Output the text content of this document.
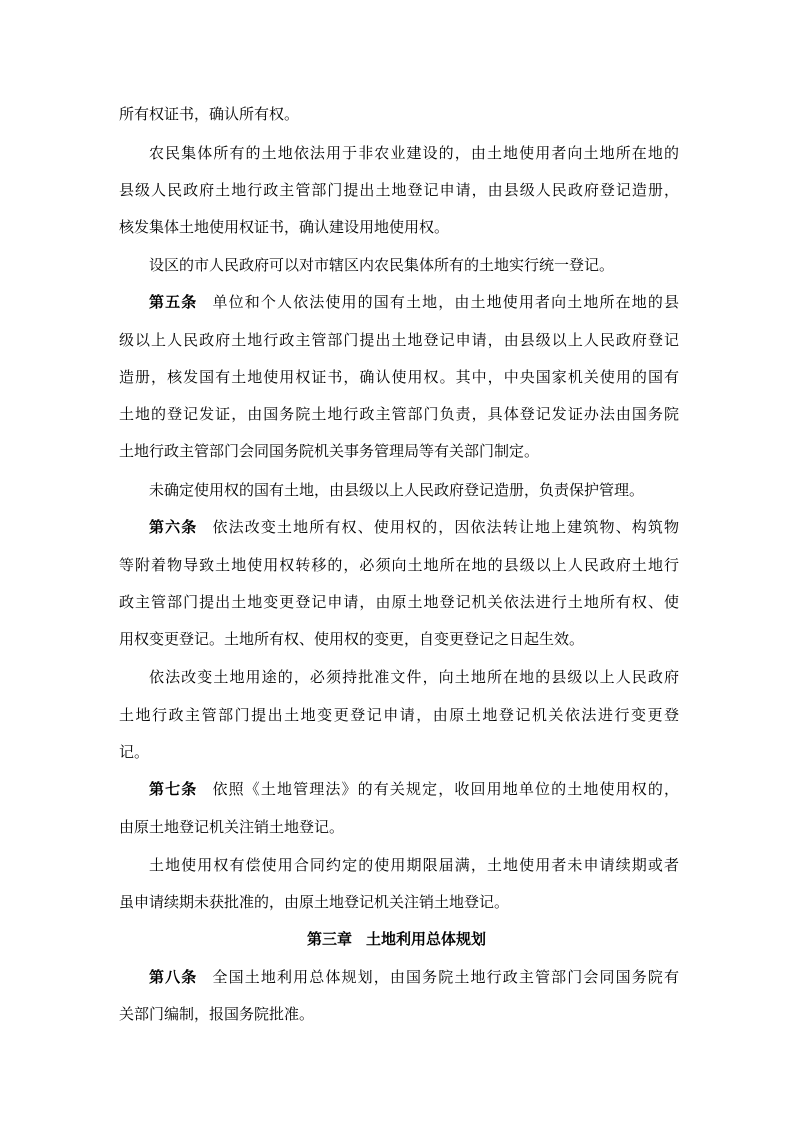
所有权证书，确认所有权。
农民集体所有的土地依法用于非农业建设的，由土地使用者向土地所在地的
县级人民政府土地行政主管部门提出土地登记申请，由县级人民政府登记造册，
核发集体土地使用权证书，确认建设用地使用权。
设区的市人民政府可以对市辖区内农民集体所有的土地实行统一登记。
第五条 单位和个人依法使用的国有土地，由土地使用者向土地所在地的县
级以上人民政府土地行政主管部门提出土地登记申请，由县级以上人民政府登记
造册，核发国有土地使用权证书，确认使用权。其中，中央国家机关使用的国有
土地的登记发证，由国务院土地行政主管部门负责，具体登记发证办法由国务院
土地行政主管部门会同国务院机关事务管理局等有关部门制定。
未确定使用权的国有土地，由县级以上人民政府登记造册，负责保护管理。
第六条 依法改变土地所有权、使用权的，因依法转让地上建筑物、构筑物
等附着物导致土地使用权转移的，必须向土地所在地的县级以上人民政府土地行
政主管部门提出土地变更登记申请，由原土地登记机关依法进行土地所有权、使
用权变更登记。土地所有权、使用权的变更，自变更登记之日起生效。
依法改变土地用途的，必须持批准文件，向土地所在地的县级以上人民政府
土地行政主管部门提出土地变更登记申请，由原土地登记机关依法进行变更登
记。
第七条 依照《土地管理法》的有关规定，收回用地单位的土地使用权的，
由原土地登记机关注销土地登记。
土地使用权有偿使用合同约定的使用期限届满，土地使用者未申请续期或者
虽申请续期未获批准的，由原土地登记机关注销土地登记。
第三章 土地利用总体规划
第八条 全国土地利用总体规划，由国务院土地行政主管部门会同国务院有
关部门编制，报国务院批准。
